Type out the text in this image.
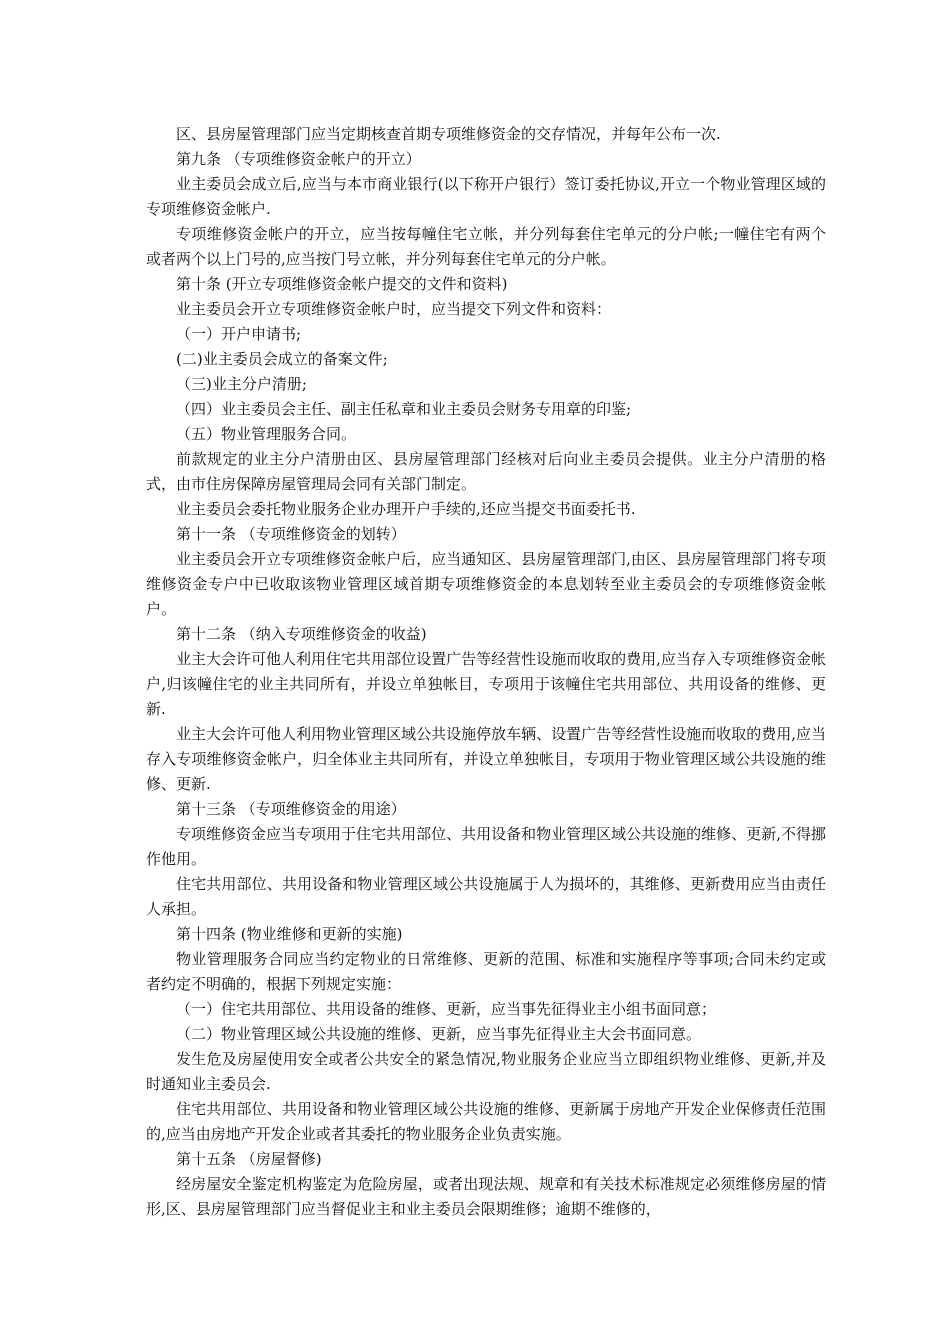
区、县房屋管理部门应当定期核查首期专项维修资金的交存情况，并每年公布一次.

第九条 （专项维修资金帐户的开立）

业主委员会成立后,应当与本市商业银行(以下称开户银行）签订委托协议,开立一个物业管理区域的专项维修资金帐户.

专项维修资金帐户的开立，应当按每幢住宅立帐，并分列每套住宅单元的分户帐;一幢住宅有两个或者两个以上门号的,应当按门号立帐，并分列每套住宅单元的分户帐。

第十条 (开立专项维修资金帐户提交的文件和资料)

业主委员会开立专项维修资金帐户时，应当提交下列文件和资料：

（一）开户申请书;

(二)业主委员会成立的备案文件;

（三)业主分户清册;

（四）业主委员会主任、副主任私章和业主委员会财务专用章的印鉴;

（五）物业管理服务合同。

前款规定的业主分户清册由区、县房屋管理部门经核对后向业主委员会提供。业主分户清册的格式，由市住房保障房屋管理局会同有关部门制定。

业主委员会委托物业服务企业办理开户手续的,还应当提交书面委托书.

第十一条 （专项维修资金的划转）

业主委员会开立专项维修资金帐户后，应当通知区、县房屋管理部门,由区、县房屋管理部门将专项维修资金专户中已收取该物业管理区域首期专项维修资金的本息划转至业主委员会的专项维修资金帐户。

第十二条 （纳入专项维修资金的收益)

业主大会许可他人利用住宅共用部位设置广告等经营性设施而收取的费用,应当存入专项维修资金帐户,归该幢住宅的业主共同所有，并设立单独帐目，专项用于该幢住宅共用部位、共用设备的维修、更新.

业主大会许可他人利用物业管理区域公共设施停放车辆、设置广告等经营性设施而收取的费用,应当存入专项维修资金帐户，归全体业主共同所有，并设立单独帐目，专项用于物业管理区域公共设施的维修、更新.

第十三条 （专项维修资金的用途）

专项维修资金应当专项用于住宅共用部位、共用设备和物业管理区域公共设施的维修、更新,不得挪作他用。

住宅共用部位、共用设备和物业管理区域公共设施属于人为损坏的，其维修、更新费用应当由责任人承担。

第十四条 (物业维修和更新的实施)

物业管理服务合同应当约定物业的日常维修、更新的范围、标准和实施程序等事项;合同未约定或者约定不明确的，根据下列规定实施：

（一）住宅共用部位、共用设备的维修、更新，应当事先征得业主小组书面同意；

（二）物业管理区域公共设施的维修、更新，应当事先征得业主大会书面同意。

发生危及房屋使用安全或者公共安全的紧急情况,物业服务企业应当立即组织物业维修、更新,并及时通知业主委员会.

住宅共用部位、共用设备和物业管理区域公共设施的维修、更新属于房地产开发企业保修责任范围的,应当由房地产开发企业或者其委托的物业服务企业负责实施。

第十五条 （房屋督修)

经房屋安全鉴定机构鉴定为危险房屋，或者出现法规、规章和有关技术标准规定必须维修房屋的情形,区、县房屋管理部门应当督促业主和业主委员会限期维修；逾期不维修的，
